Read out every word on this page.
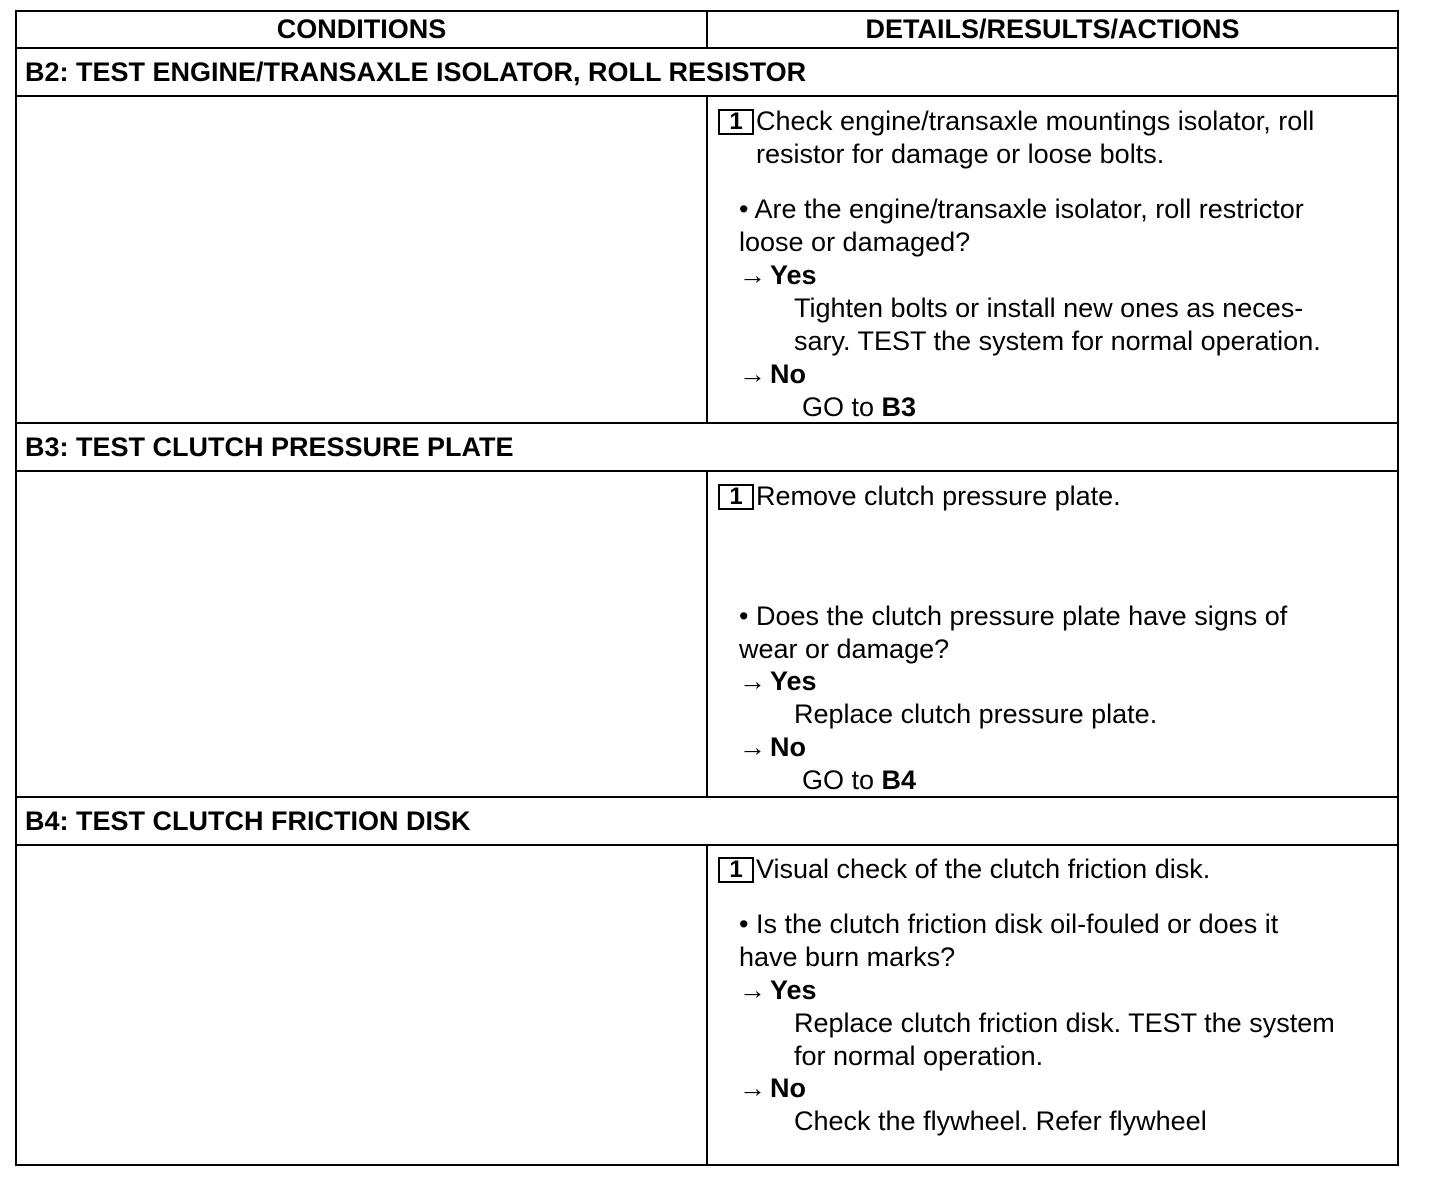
CONDITIONS	DETAILS/RESULTS/ACTIONS
B2: TEST ENGINE/TRANSAXLE ISOLATOR, ROLL RESISTOR
1 Check engine/transaxle mountings isolator, roll
resistor for damage or loose bolts.
• Are the engine/transaxle isolator, roll restrictor
loose or damaged?
→ Yes
Tighten bolts or install new ones as neces-
sary. TEST the system for normal operation.
→ No
GO to B3
B3: TEST CLUTCH PRESSURE PLATE
1 Remove clutch pressure plate.
• Does the clutch pressure plate have signs of
wear or damage?
→ Yes
Replace clutch pressure plate.
→ No
GO to B4
B4: TEST CLUTCH FRICTION DISK
1 Visual check of the clutch friction disk.
• Is the clutch friction disk oil-fouled or does it
have burn marks?
→ Yes
Replace clutch friction disk. TEST the system
for normal operation.
→ No
Check the flywheel. Refer flywheel
